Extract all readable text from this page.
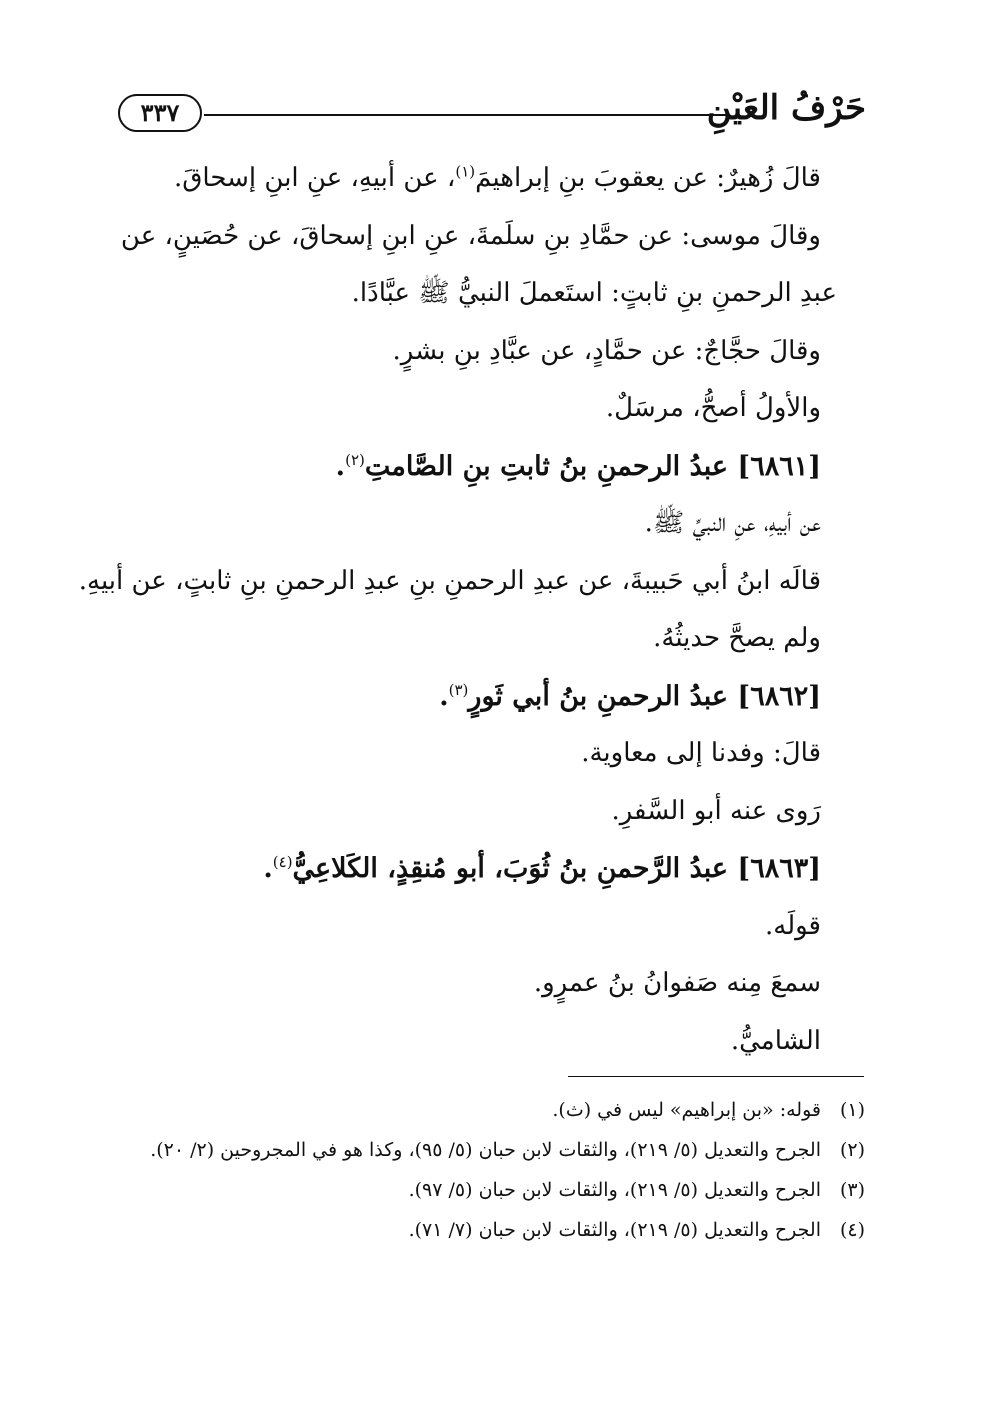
حَرْفُ العَيْنِ
٣٣٧
قالَ زُهيرٌ: عن يعقوبَ بنِ إبراهيمَ$^{(١)}$، عن أبيهِ، عنِ ابنِ إسحاقَ.
وقالَ موسى: عن حمَّادِ بنِ سلَمةَ، عنِ ابنِ إسحاقَ، عن حُصَينٍ، عن
عبدِ الرحمنِ بنِ ثابتٍ: استَعملَ النبيُّ ﷺ عبَّادًا.
وقالَ حجَّاجٌ: عن حمَّادٍ، عن عبَّادِ بنِ بشرٍ.
والأولُ أصحُّ، مرسَلٌ.
[٦٨٦١] عبدُ الرحمنِ بنُ ثابتِ بنِ الصَّامتِ$^{(٢)}$.
عن أبيهِ، عنِ النبيِّ ﷺ.
قالَه ابنُ أبي حَبيبةَ، عن عبدِ الرحمنِ بنِ عبدِ الرحمنِ بنِ ثابتٍ، عن أبيهِ.
ولم يصحَّ حديثُهُ.
[٦٨٦٢] عبدُ الرحمنِ بنُ أبي ثَورٍ$^{(٣)}$.
قالَ: وفدنا إلى معاوية.
رَوى عنه أبو السَّفرِ.
[٦٨٦٣] عبدُ الرَّحمنِ بنُ ثُوَبَ، أبو مُنقِذٍ، الكَلاعِيُّ$^{(٤)}$.
قولَه.
سمعَ مِنه صَفوانُ بنُ عمرٍو.
الشاميُّ.
(١)
قوله: «بن إبراهيم» ليس في (ث).
(٢)
الجرح والتعديل (٥/ ٢١٩)، والثقات لابن حبان (٥/ ٩٥)، وكذا هو في المجروحين (٢/ ٢٠).
(٣)
الجرح والتعديل (٥/ ٢١٩)، والثقات لابن حبان (٥/ ٩٧).
(٤)
الجرح والتعديل (٥/ ٢١٩)، والثقات لابن حبان (٧/ ٧١).
